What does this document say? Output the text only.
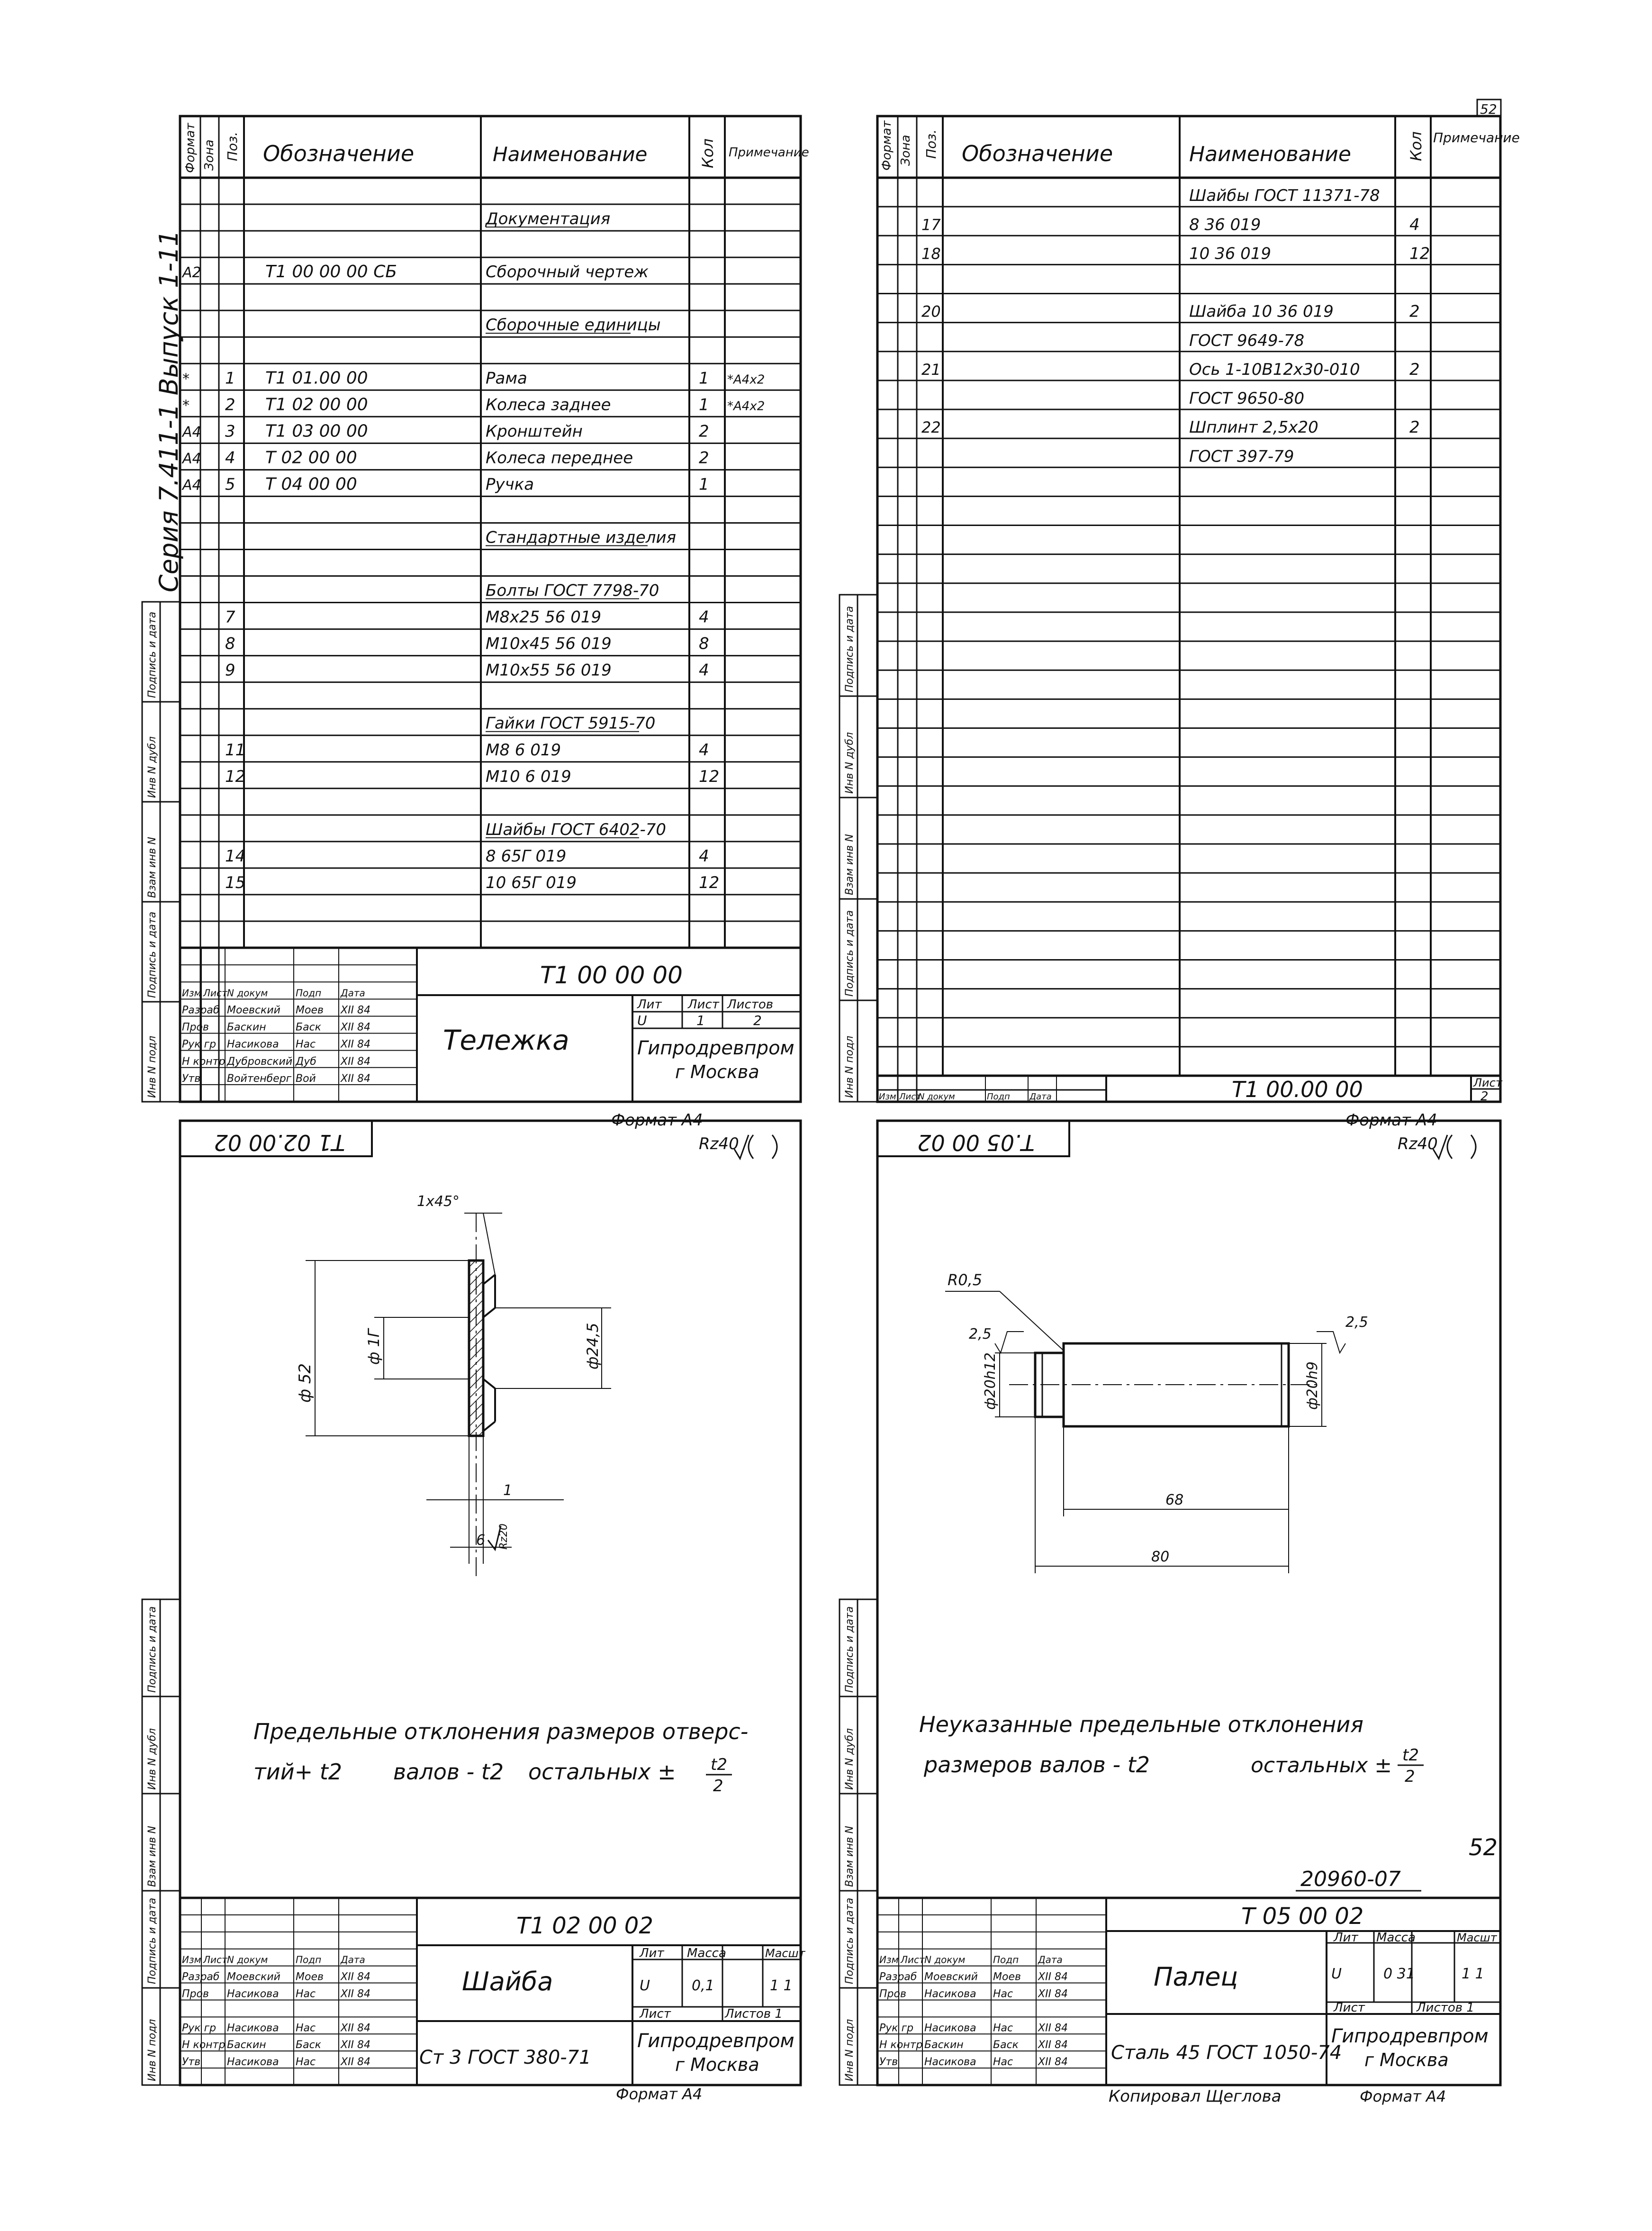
Формат Зона Поз. Обозначение	Наименование	Кол Примечание
Документация
А2	Т1 00 00 00 СБ	Сборочный чертеж
Сборочные единицы
* 1 Т1 01.00 00	Рама	1 *А4х2
* 2 Т1 02 00 00	Колеса заднее	1 *А4х2
А4 3 Т1 03 00 00	Кронштейн	2
А4 4 Т 02 00 00	Колеса переднее	2
А4 5 Т 04 00 00	Ручка	1
Стандартные изделия
Болты ГОСТ 7798-70
7	М8х25 56 019	4
8	М10х45 56 019	8
9	М10х55 56 019	4
Гайки ГОСТ 5915-70
11	М8 6 019	4
12	М10 6 019	12
Шайбы ГОСТ 6402-70
14	8 65Г 019	4
15	10 65Г 019	12
Изм Лист N докум	Подп Дата
Разраб Моевский Моев XII 84
Пров Баскин	Баск XII 84
Рук гр Насикова Нас XII 84
Н контр Дубровский Дуб XII 84
Утв	Войтенберг Вой XII 84
Т1 00 00 00
Тележка
Лит Лист Листов
U	1	2
Гипродревпром
г Москва
Формат А4
Серия 7.411-1 Выпуск 1-11
52
Формат Зона Поз. Обозначение	Наименование	Кол Примечание
Шайбы ГОСТ 11371-78
17	8 36 019	4
18	10 36 019	12
20	Шайба 10 36 019	2
ГОСТ 9649-78
21	Ось 1-10В12х30-010	2
ГОСТ 9650-80
22	Шплинт 2,5х20	2
ГОСТ 397-79
Изм Лист
N докум	Подп Дата	Т1 00.00 00	Лист
2
Формат А4
Т1 02.00 02	Rz40
1х45°
ф 52
ф 1Г	ф24,5
1
6 Rz20
Предельные отклонения размеров отверс-
тий+ t2 валов - t2 остальных ± t2
2
Изм Лист N докум	Подп Дата
Разраб Моевский Моев XII 84
Пров Насикова Нас XII 84
Рук гр Насикова Нас XII 84
Н контр Баскин	Баск XII 84
Утв	Насикова Нас XII 84
Т1 02 00 02
Шайба
Ст 3 ГОСТ 380-71
Лит Масса	Масшт
U	0,1	1 1
Лист	Листов 1
Гипродревпром
г Москва
Формат А4
Т.05 00 02	Rz40
R0,5
2,5
2,5
ф20h12	ф20h9
68
80
Неуказанные предельные отклонения
размеров валов - t2	остальных ± t2
2
52
20960-07
Изм Лист N докум	Подп Дата
Разраб Моевский Моев XII 84
Пров Насикова Нас XII 84
Рук гр Насикова Нас XII 84
Н контр Баскин	Баск XII 84
Утв	Насикова Нас XII 84
Т 05 00 02
Палец
Сталь 45 ГОСТ 1050-74
Лит Масса	Масшт
U	0 31	1 1
Лист	Листов 1
Гипродревпром
г Москва
Копировал Щеглова	Формат А4
Инв N подл
Подпись и дата
Взам инв N
Инв N дубл
Подпись и дата
Инв N подл
Подпись и дата
Взам инв N
Инв N дубл
Подпись и дата
Инв N подл
Подпись и дата
Взам инв N
Инв N дубл
Подпись и дата
Инв N подл
Подпись и дата
Взам инв N
Инв N дубл
Подпись и дата
